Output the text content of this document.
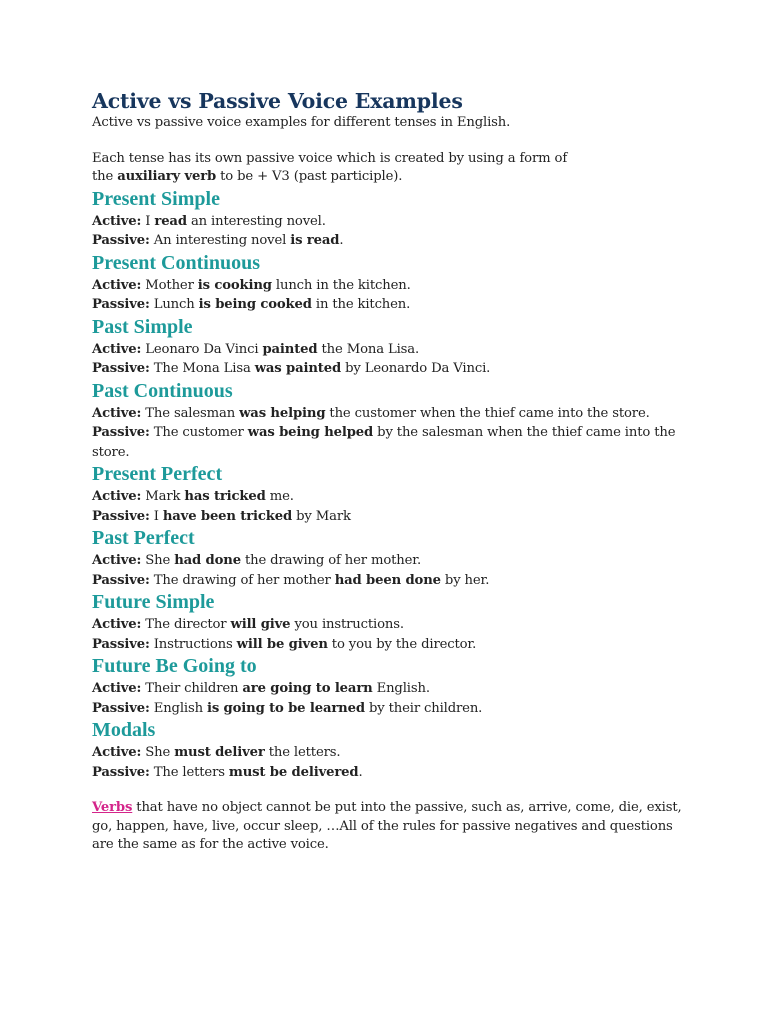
Active vs Passive Voice Examples

Active vs passive voice examples for different tenses in English.

Each tense has its own passive voice which is created by using a form of

the auxiliary verb to be + V3 (past participle).

Present Simple

Active: I read an interesting novel.

Passive: An interesting novel is read.

Present Continuous

Active: Mother is cooking lunch in the kitchen.

Passive: Lunch is being cooked in the kitchen.

Past Simple

Active: Leonaro Da Vinci painted the Mona Lisa.

Passive: The Mona Lisa was painted by Leonardo Da Vinci.

Past Continuous

Active: The salesman was helping the customer when the thief came into the store.

Passive: The customer was being helped by the salesman when the thief came into the store.

Present Perfect

Active: Mark has tricked me.

Passive: I have been tricked by Mark

Past Perfect

Active: She had done the drawing of her mother.

Passive: The drawing of her mother had been done by her.

Future Simple

Active: The director will give you instructions.

Passive: Instructions will be given to you by the director.

Future Be Going to

Active: Their children are going to learn English.

Passive: English is going to be learned by their children.

Modals

Active: She must deliver the letters.

Passive: The letters must be delivered.

Verbs that have no object cannot be put into the passive, such as, arrive, come, die, exist, go, happen, have, live, occur sleep, …All of the rules for passive negatives and questions are the same as for the active voice.
